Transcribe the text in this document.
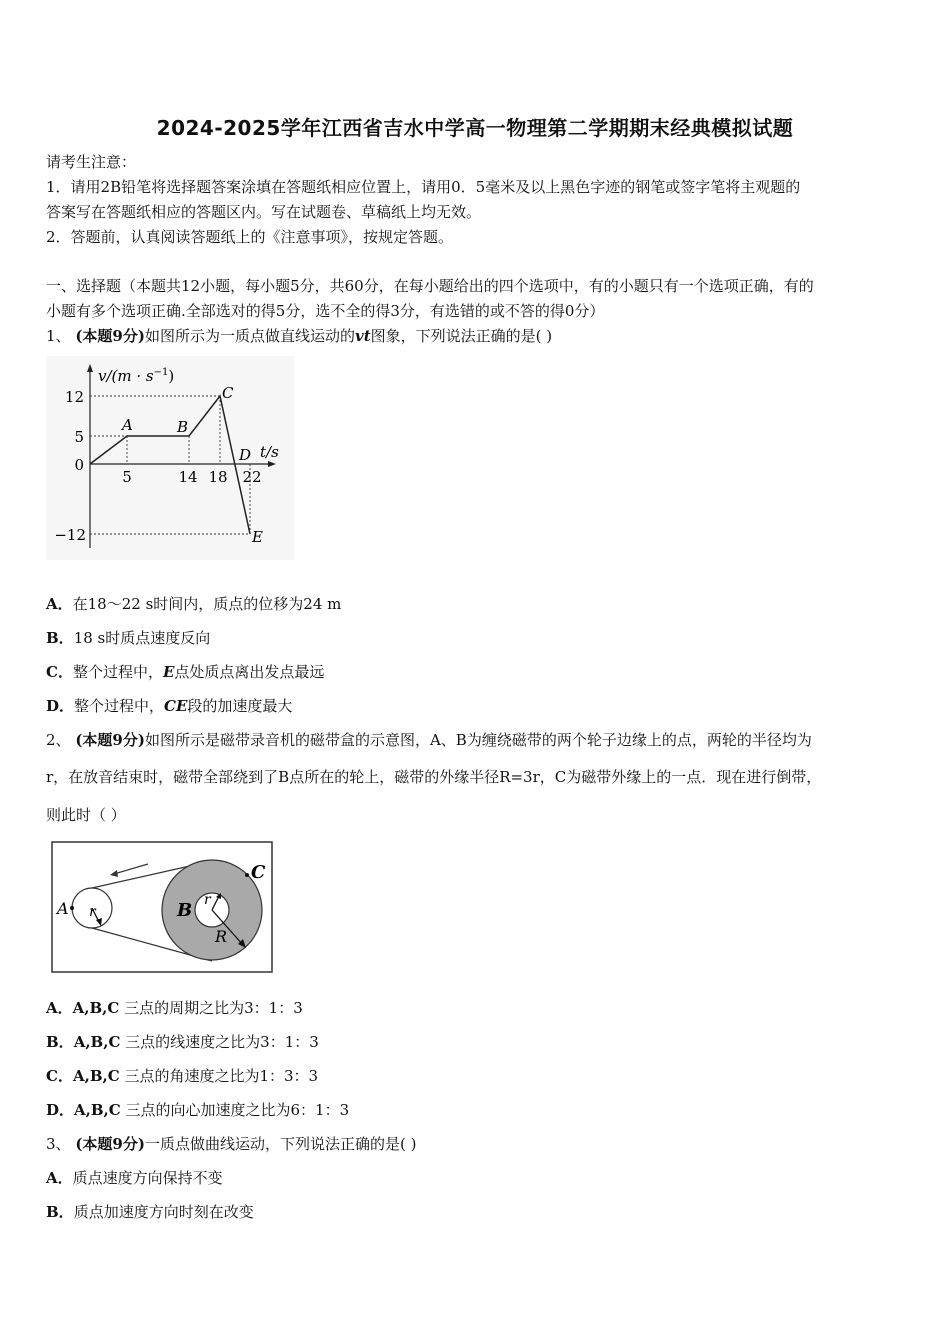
2024-2025学年江西省吉水中学高一物理第二学期期末经典模拟试题
请考生注意：
1．请用2B铅笔将选择题答案涂填在答题纸相应位置上，请用0．5毫米及以上黑色字迹的钢笔或签字笔将主观题的
答案写在答题纸相应的答题区内。写在试题卷、草稿纸上均无效。
2．答题前，认真阅读答题纸上的《注意事项》，按规定答题。
一、选择题（本题共12小题，每小题5分，共60分，在每小题给出的四个选项中，有的小题只有一个选项正确，有的
小题有多个选项正确.全部选对的得5分，选不全的得3分，有选错的或不答的得0分）
1、 (本题9分)如图所示为一质点做直线运动的vt图象，下列说法正确的是( )
$v/(m \cdot s^{-1})$
t/s
12
5
0
−12
5	14 18 22
A	B
C
D
E
A．在18～22 s时间内，质点的位移为24 m
B．18 s时质点速度反向
C．整个过程中，E点处质点离出发点最远
D．整个过程中，CE段的加速度最大
2、 (本题9分)如图所示是磁带录音机的磁带盒的示意图，A、B为缠绕磁带的两个轮子边缘上的点，两轮的半径均为
r，在放音结束时，磁带全部绕到了B点所在的轮上，磁带的外缘半径R=3r，C为磁带外缘上的一点．现在进行倒带，
则此时（ ）
A	B
C
r
r
R
A．A,B,C 三点的周期之比为3：1：3
B．A,B,C 三点的线速度之比为3：1：3
C．A,B,C 三点的角速度之比为1：3：3
D．A,B,C 三点的向心加速度之比为6：1：3
3、 (本题9分)一质点做曲线运动，下列说法正确的是( )
A．质点速度方向保持不变
B．质点加速度方向时刻在改变
